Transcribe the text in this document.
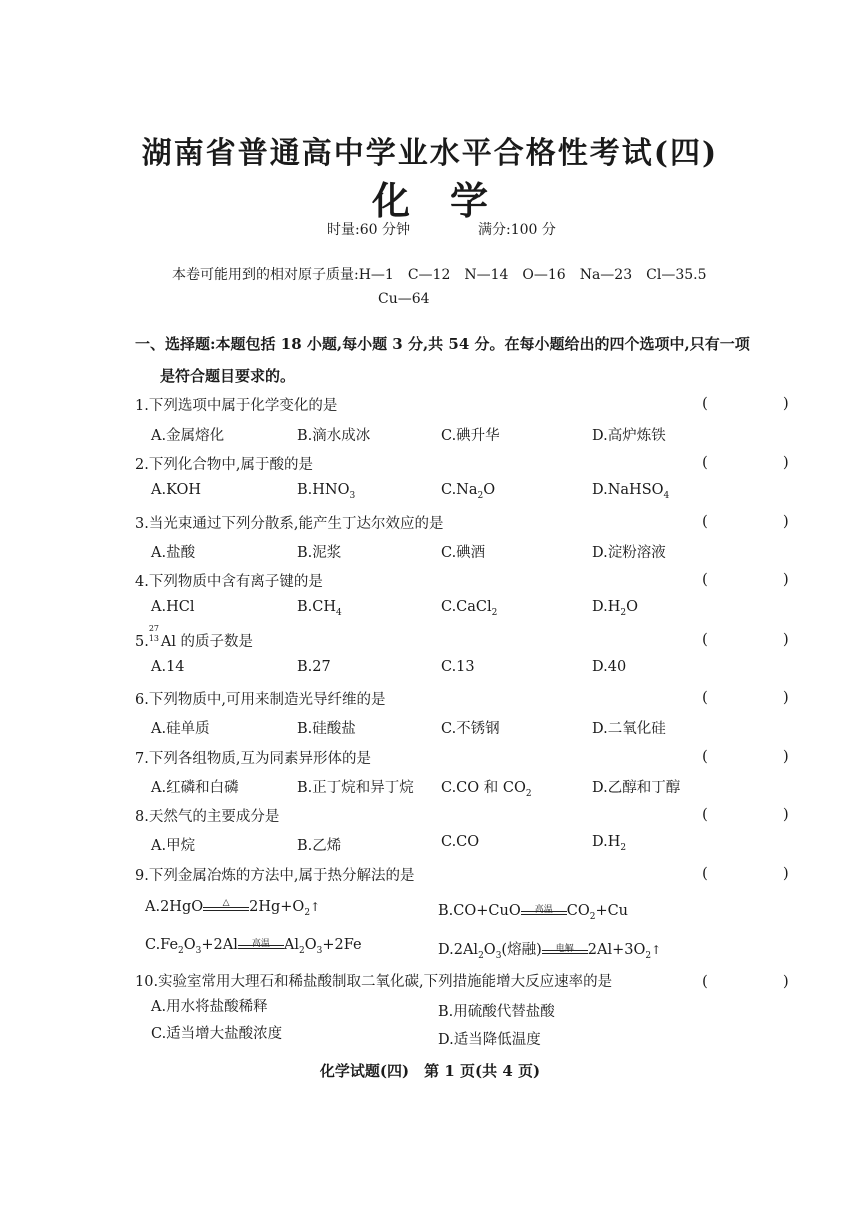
湖南省普通高中学业水平合格性考试(四)
化学
时量:60 分钟	满分:100 分
本卷可能用到的相对原子质量:H—1　C—12　N—14　O—16　Na—23　Cl—35.5
Cu—64
一、选择题:本题包括 18 小题,每小题 3 分,共 54 分。在每小题给出的四个选项中,只有一项
是符合题目要求的。
1.下列选项中属于化学变化的是	(　)
A.金属熔化	B.滴水成冰	C.碘升华	D.高炉炼铁
2.下列化合物中,属于酸的是	(　)
A.KOH	$B.HNO_3$	$C.Na_2O$	D.NaHSO$_4$
3.当光束通过下列分散系,能产生丁达尔效应的是	(　)
A.盐酸	B.泥浆	C.碘酒	D.淀粉溶液
4.下列物质中含有离子键的是	(　)
A.HCl	$B.CH_4$	C.CaCl$_2$	$D.H_2O$
5.
27
13 Al 的质子数是	(　)
A.14	B.27	C.13	D.40
6.下列物质中,可用来制造光导纤维的是	(　)
A.硅单质	B.硅酸盐	C.不锈钢	D.二氧化硅
7.下列各组物质,互为同素异形体的是	(　)
A.红磷和白磷	B.正丁烷和异丁烷 C.CO 和 $CO_2$	D.乙醇和丁醇
8.天然气的主要成分是	(　)
A.甲烷	B.乙烯	C.CO	$D.H_2$
9.下列金属冶炼的方法中,属于热分解法的是	(　)
A.2HgO	△	$2Hg+O_2↑$	B.CO+CuO	高温 $CO_2+Cu$
$C.Fe_2O_3+2Al$	高温 $Al_2O_3+2Fe$	$D.2Al_2O_3$(熔融)	电解 $2Al+3O_2↑$
10.实验室常用大理石和稀盐酸制取二氧化碳,下列措施能增大反应速率的是	(　)
A.用水将盐酸稀释	B.用硫酸代替盐酸
C.适当增大盐酸浓度	D.适当降低温度
化学试题(四)　第 1 页(共 4 页)
